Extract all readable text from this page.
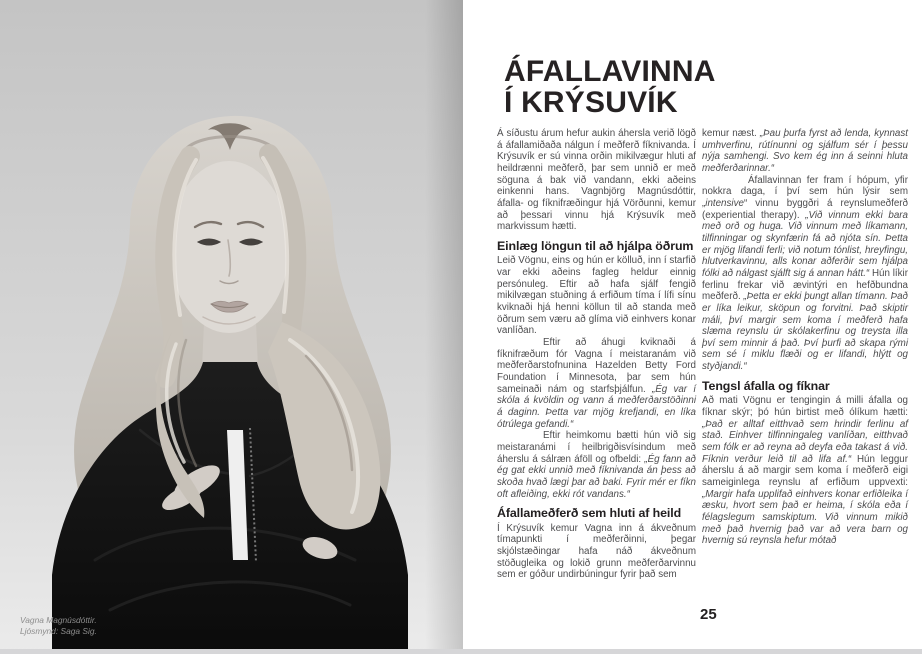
Vagna Magnúsdóttir.
Ljósmynd: Saga Sig.
ÁFALLAVINNA
Í KRÝSUVÍK

Á síðustu árum hefur aukin áhersla verið lögð á áfallamiðaða nálgun í meðferð fíknivanda. Í Krýsuvík er sú vinna orðin mikilvægur hluti af heildrænni meðferð, þar sem unnið er með söguna á bak við vandann, ekki aðeins einkenni hans. Vagnbjörg Magnúsdóttir, áfalla- og fíknifræðingur hjá Vörðunni, kemur að þessari vinnu hjá Krýsuvík með markvissum hætti.

Einlæg löngun til að hjálpa öðrum

Leið Vögnu, eins og hún er kölluð, inn í starfið var ekki aðeins fagleg heldur einnig persónuleg. Eftir að hafa sjálf fengið mikilvægan stuðning á erfiðum tíma í lífi sínu kviknaði hjá henni köllun til að standa með öðrum sem væru að glíma við einhvers konar vanlíðan.

Eftir að áhugi kviknaði á fíknifræðum fór Vagna í meistaranám við meðferðarstofnunina Hazelden Betty Ford Foundation í Minnesota, þar sem hún sameinaði nám og starfsþjálfun. „Ég var í skóla á kvöldin og vann á meðferðarstöðinni á daginn. Þetta var mjög krefjandi, en líka ótrúlega gefandi.“

Eftir heimkomu bætti hún við sig meistaranámi í heilbrigðisvísindum með áherslu á sálræn áföll og ofbeldi: „Ég fann að ég gat ekki unnið með fíknivanda án þess að skoða hvað lægi þar að baki. Fyrir mér er fíkn oft afleiðing, ekki rót vandans.“

Áfallameðferð sem hluti af heild

Í Krýsuvík kemur Vagna inn á ákveðnum tímapunkti í meðferðinni, þegar skjólstæðingar hafa náð ákveðnum stöðugleika og lokið grunn meðferðarvinnu sem er góður undirbúningur fyrir það sem

kemur næst. „Þau þurfa fyrst að lenda, kynnast umhverfinu, rútínunni og sjálfum sér í þessu nýja samhengi. Svo kem ég inn á seinni hluta meðferðarinnar.“

Áfallavinnan fer fram í hópum, yfir nokkra daga, í því sem hún lýsir sem „intensive“ vinnu byggðri á reynslumeðferð (experiential therapy). „Við vinnum ekki bara með orð og huga. Við vinnum með líkamann, tilfinningar og skynfærin fá að njóta sín. Þetta er mjög lifandi ferli; við notum tónlist, hreyfingu, hlutverkavinnu, alls konar aðferðir sem hjálpa fólki að nálgast sjálft sig á annan hátt.“ Hún líkir ferlinu frekar við ævintýri en hefðbundna meðferð. „Þetta er ekki þungt allan tímann. Það er líka leikur, sköpun og forvitni. Það skiptir máli, því margir sem koma í meðferð hafa slæma reynslu úr skólakerfinu og treysta illa því sem minnir á það. Því þurfi að skapa rými sem sé í miklu flæði og er lifandi, hlýtt og styðjandi.“

Tengsl áfalla og fíknar

Að mati Vögnu er tengingin á milli áfalla og fíknar skýr; þó hún birtist með ólíkum hætti: „Það er alltaf eitthvað sem hrindir ferlinu af stað. Einhver tilfinningaleg vanlíðan, eitthvað sem fólk er að reyna að deyfa eða takast á við. Fíknin verður leið til að lifa af.“ Hún leggur áherslu á að margir sem koma í meðferð eigi sameiginlega reynslu af erfiðum uppvexti: „Margir hafa upplifað einhvers konar erfiðleika í æsku, hvort sem það er heima, í skóla eða í félagslegum samskiptum. Við vinnum mikið með það hvernig það var að vera barn og hvernig sú reynsla hefur mótað

25
